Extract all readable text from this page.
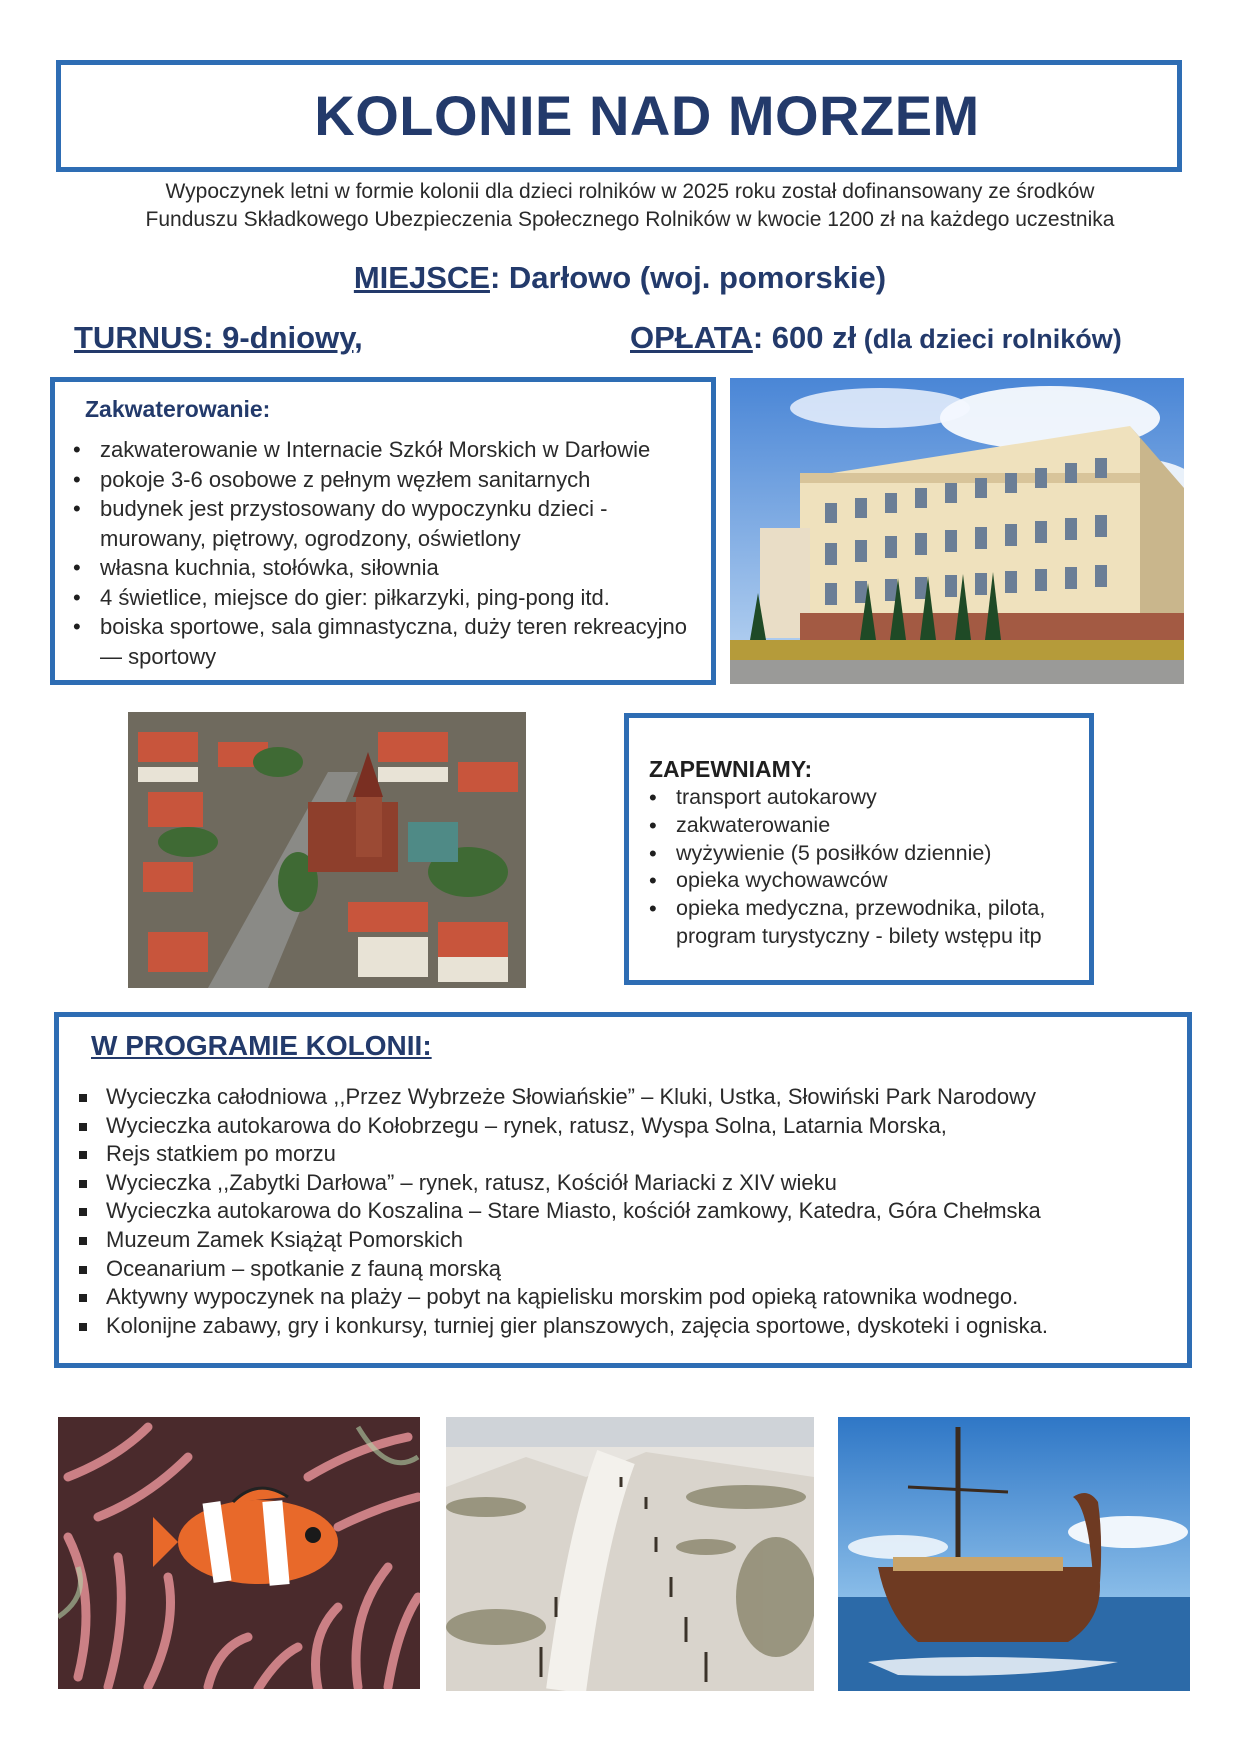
KOLONIE NAD MORZEM
Wypoczynek letni w formie kolonii dla dzieci rolników w 2025 roku został dofinansowany ze środków
Funduszu Składkowego Ubezpieczenia Społecznego Rolników w kwocie 1200 zł na każdego uczestnika
MIEJSCE: Darłowo (woj. pomorskie)
TURNUS: 9-dniowy,	OPŁATA: 600 zł (dla dzieci rolników)
Zakwaterowanie:
• zakwaterowanie w Internacie Szkół Morskich w Darłowie
• pokoje 3-6 osobowe z pełnym węzłem sanitarnych
• budynek jest przystosowany do wypoczynku dzieci - murowany, piętrowy, ogrodzony, oświetlony
• własna kuchnia, stołówka, siłownia
• 4 świetlice, miejsce do gier: piłkarzyki, ping-pong itd.
• boiska sportowe, sala gimnastyczna, duży teren rekreacyjno — sportowy
ZAPEWNIAMY:
• transport autokarowy
• zakwaterowanie
• wyżywienie (5 posiłków dziennie)
• opieka wychowawców
• opieka medyczna, przewodnika, pilota, program turystyczny - bilety wstępu itp
W PROGRAMIE KOLONII:
Wycieczka całodniowa ,,Przez Wybrzeże Słowiańskie” – Kluki, Ustka, Słowiński Park Narodowy
Wycieczka autokarowa do Kołobrzegu – rynek, ratusz, Wyspa Solna, Latarnia Morska,
Rejs statkiem po morzu
Wycieczka ,,Zabytki Darłowa” – rynek, ratusz, Kościół Mariacki z XIV wieku
Wycieczka autokarowa do Koszalina – Stare Miasto, kościół zamkowy, Katedra, Góra Chełmska
Muzeum Zamek Książąt Pomorskich
Oceanarium – spotkanie z fauną morską
Aktywny wypoczynek na plaży – pobyt na kąpielisku morskim pod opieką ratownika wodnego.
Kolonijne zabawy, gry i konkursy, turniej gier planszowych, zajęcia sportowe, dyskoteki i ogniska.
